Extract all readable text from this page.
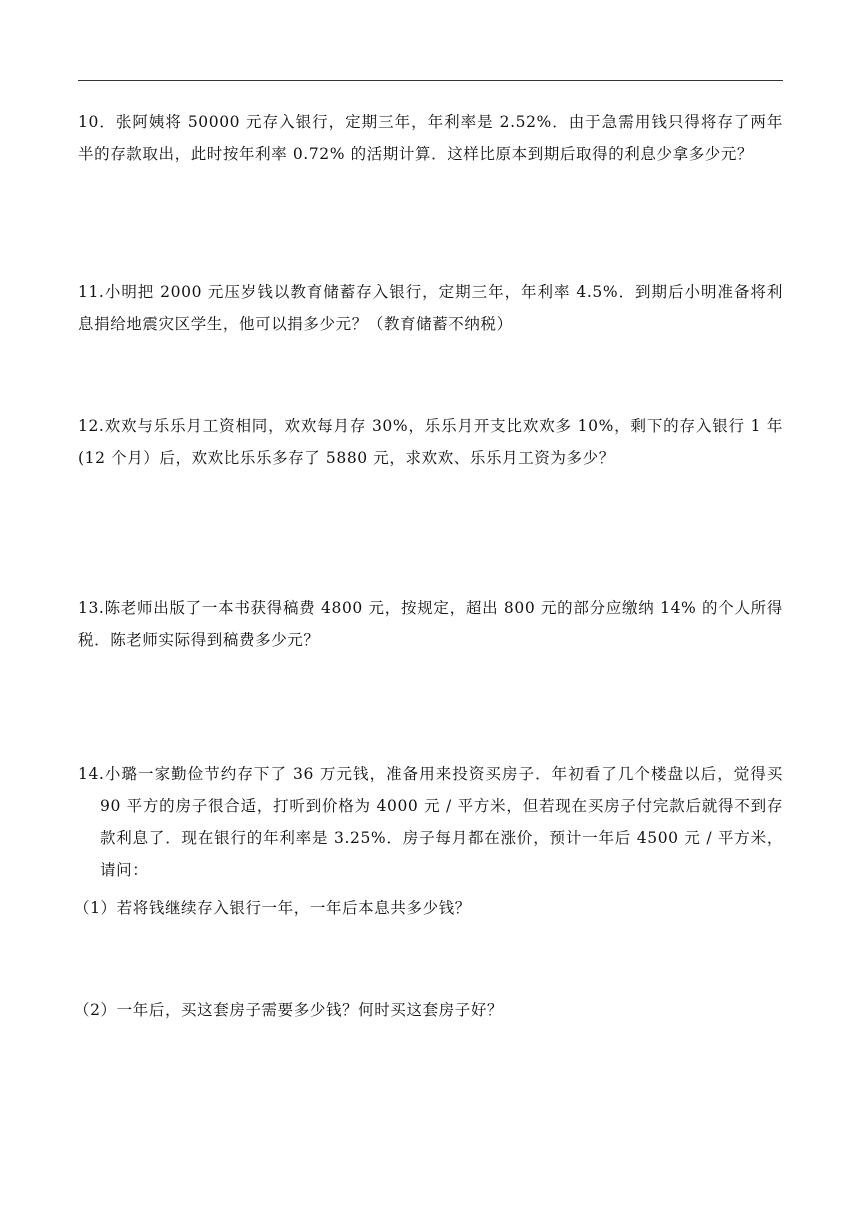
10．张阿姨将 50000 元存入银行，定期三年，年利率是 2.52%．由于急需用钱只得将存了两年半的存款取出，此时按年利率 0.72% 的活期计算．这样比原本到期后取得的利息少拿多少元？

11.小明把 2000 元压岁钱以教育储蓄存入银行，定期三年，年利率 4.5%．到期后小明准备将利息捐给地震灾区学生，他可以捐多少元？（教育储蓄不纳税）

12.欢欢与乐乐月工资相同，欢欢每月存 30%，乐乐月开支比欢欢多 10%，剩下的存入银行 1 年(12 个月）后，欢欢比乐乐多存了 5880 元，求欢欢、乐乐月工资为多少？

13.陈老师出版了一本书获得稿费 4800 元，按规定，超出 800 元的部分应缴纳 14% 的个人所得税．陈老师实际得到稿费多少元？

14.小璐一家勤俭节约存下了 36 万元钱，准备用来投资买房子．年初看了几个楼盘以后，觉得买 90 平方的房子很合适，打听到价格为 4000 元 / 平方米，但若现在买房子付完款后就得不到存款利息了．现在银行的年利率是 3.25%．房子每月都在涨价，预计一年后 4500 元 / 平方米，请问：

（1）若将钱继续存入银行一年，一年后本息共多少钱？
（2）一年后，买这套房子需要多少钱？何时买这套房子好？
